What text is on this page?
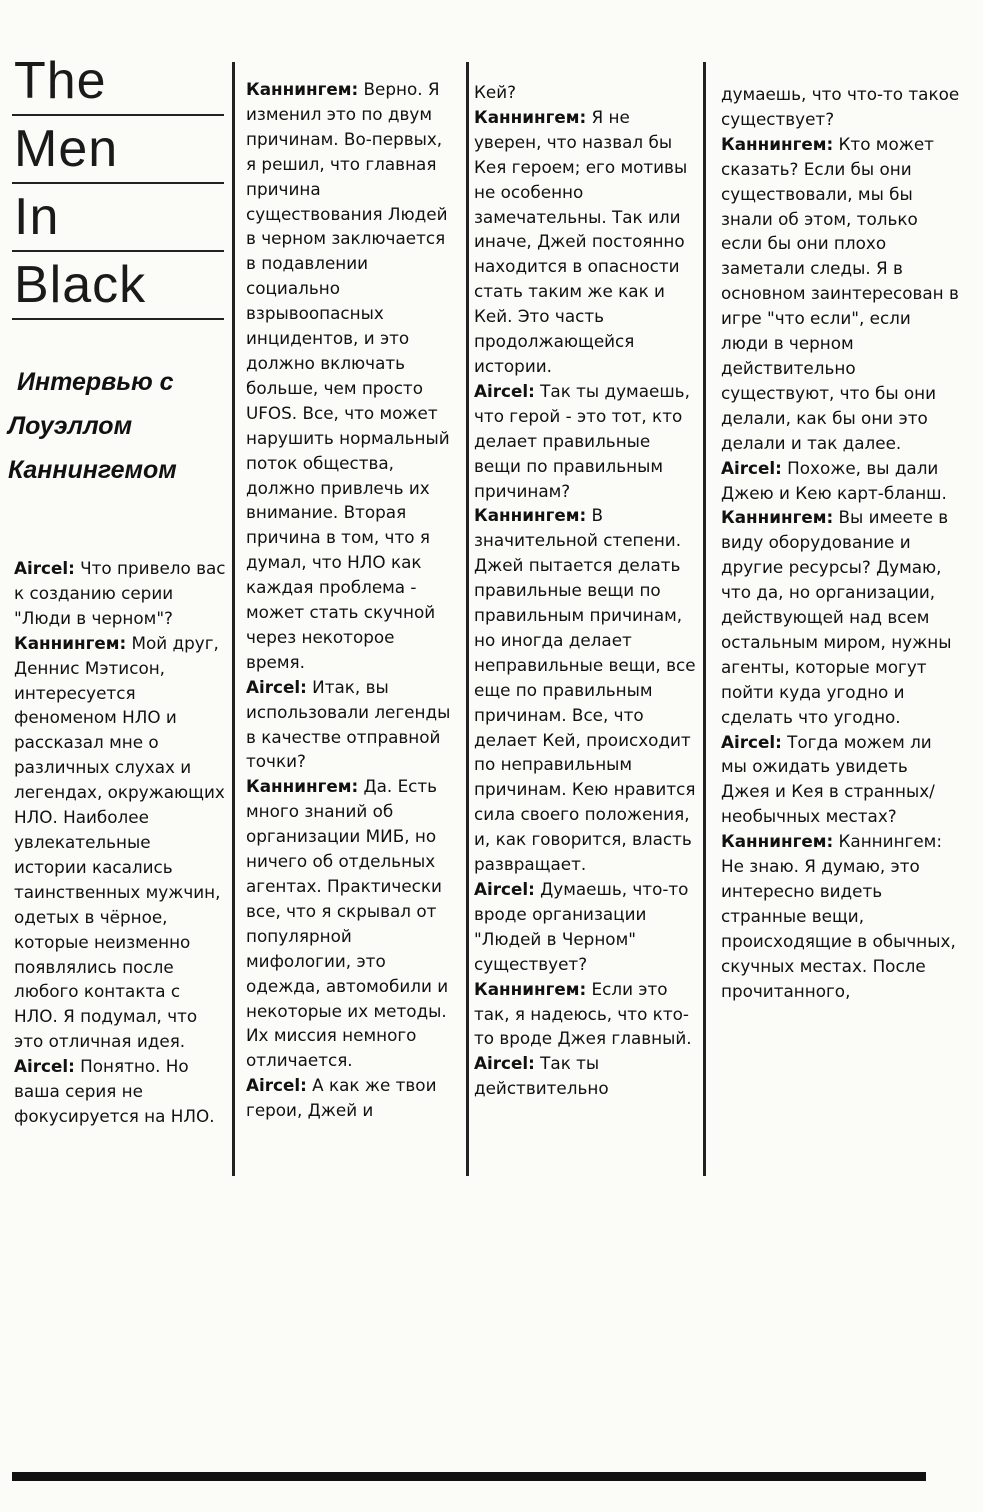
The
Men
In
Black
Интервью с
Лоуэллом
Каннингемом

Aircel: Что привело вас к созданию серии "Люди в черном"?

Каннингем: Мой друг, Деннис Мэтисон, интересуется феноменом НЛО и рассказал мне о различных слухах и легендах, окружающих НЛО. Наиболее увлекательные истории касались таинственных мужчин, одетых в чёрное, которые неизменно появлялись после любого контакта с НЛО. Я подумал, что это отличная идея.

Aircel: Понятно. Но ваша серия не фокусируется на НЛО.

Каннингем: Верно. Я изменил это по двум причинам. Во-первых, я решил, что главная причина существования Людей в черном заключается в подавлении социально взрывоопасных инцидентов, и это должно включать больше, чем просто UFOS. Все, что может нарушить нормальный поток общества, должно привлечь их внимание. Вторая причина в том, что я думал, что НЛО как каждая проблема - может стать скучной через некоторое время.

Aircel: Итак, вы использовали легенды в качестве отправной точки?

Каннингем: Да. Есть много знаний об организации МИБ, но ничего об отдельных агентах. Практически все, что я скрывал от популярной мифологии, это одежда, автомобили и некоторые их методы. Их миссия немного отличается.

Aircel: А как же твои герои, Джей и

Кей?

Каннингем: Я не уверен, что назвал бы Кея героем; его мотивы не особенно замечательны. Так или иначе, Джей постоянно находится в опасности стать таким же как и Кей. Это часть продолжающейся истории.

Aircel: Так ты думаешь, что герой - это тот, кто делает правильные вещи по правильным причинам?

Каннингем: В значительной степени. Джей пытается делать правильные вещи по правильным причинам, но иногда делает неправильные вещи, все еще по правильным причинам. Все, что делает Кей, происходит по неправильным причинам. Кею нравится сила своего положения, и, как говорится, власть развращает.

Aircel: Думаешь, что-то вроде организации "Людей в Черном" существует?

Каннингем: Если это так, я надеюсь, что кто-то вроде Джея главный.

Aircel: Так ты действительно

думаешь, что что-то такое существует?

Каннингем: Кто может сказать? Если бы они существовали, мы бы знали об этом, только если бы они плохо заметали следы. Я в основном заинтересован в игре "что если", если люди в черном действительно существуют, что бы они делали, как бы они это делали и так далее.

Aircel: Похоже, вы дали Джею и Кею карт-бланш.

Каннингем: Вы имеете в виду оборудование и другие ресурсы? Думаю, что да, но организации, действующей над всем остальным миром, нужны агенты, которые могут пойти куда угодно и сделать что угодно.

Aircel: Тогда можем ли мы ожидать увидеть Джея и Кея в странных/необычных местах?

Каннингем: Каннингем: Не знаю. Я думаю, это интересно видеть странные вещи, происходящие в обычных, скучных местах. После прочитанного,
